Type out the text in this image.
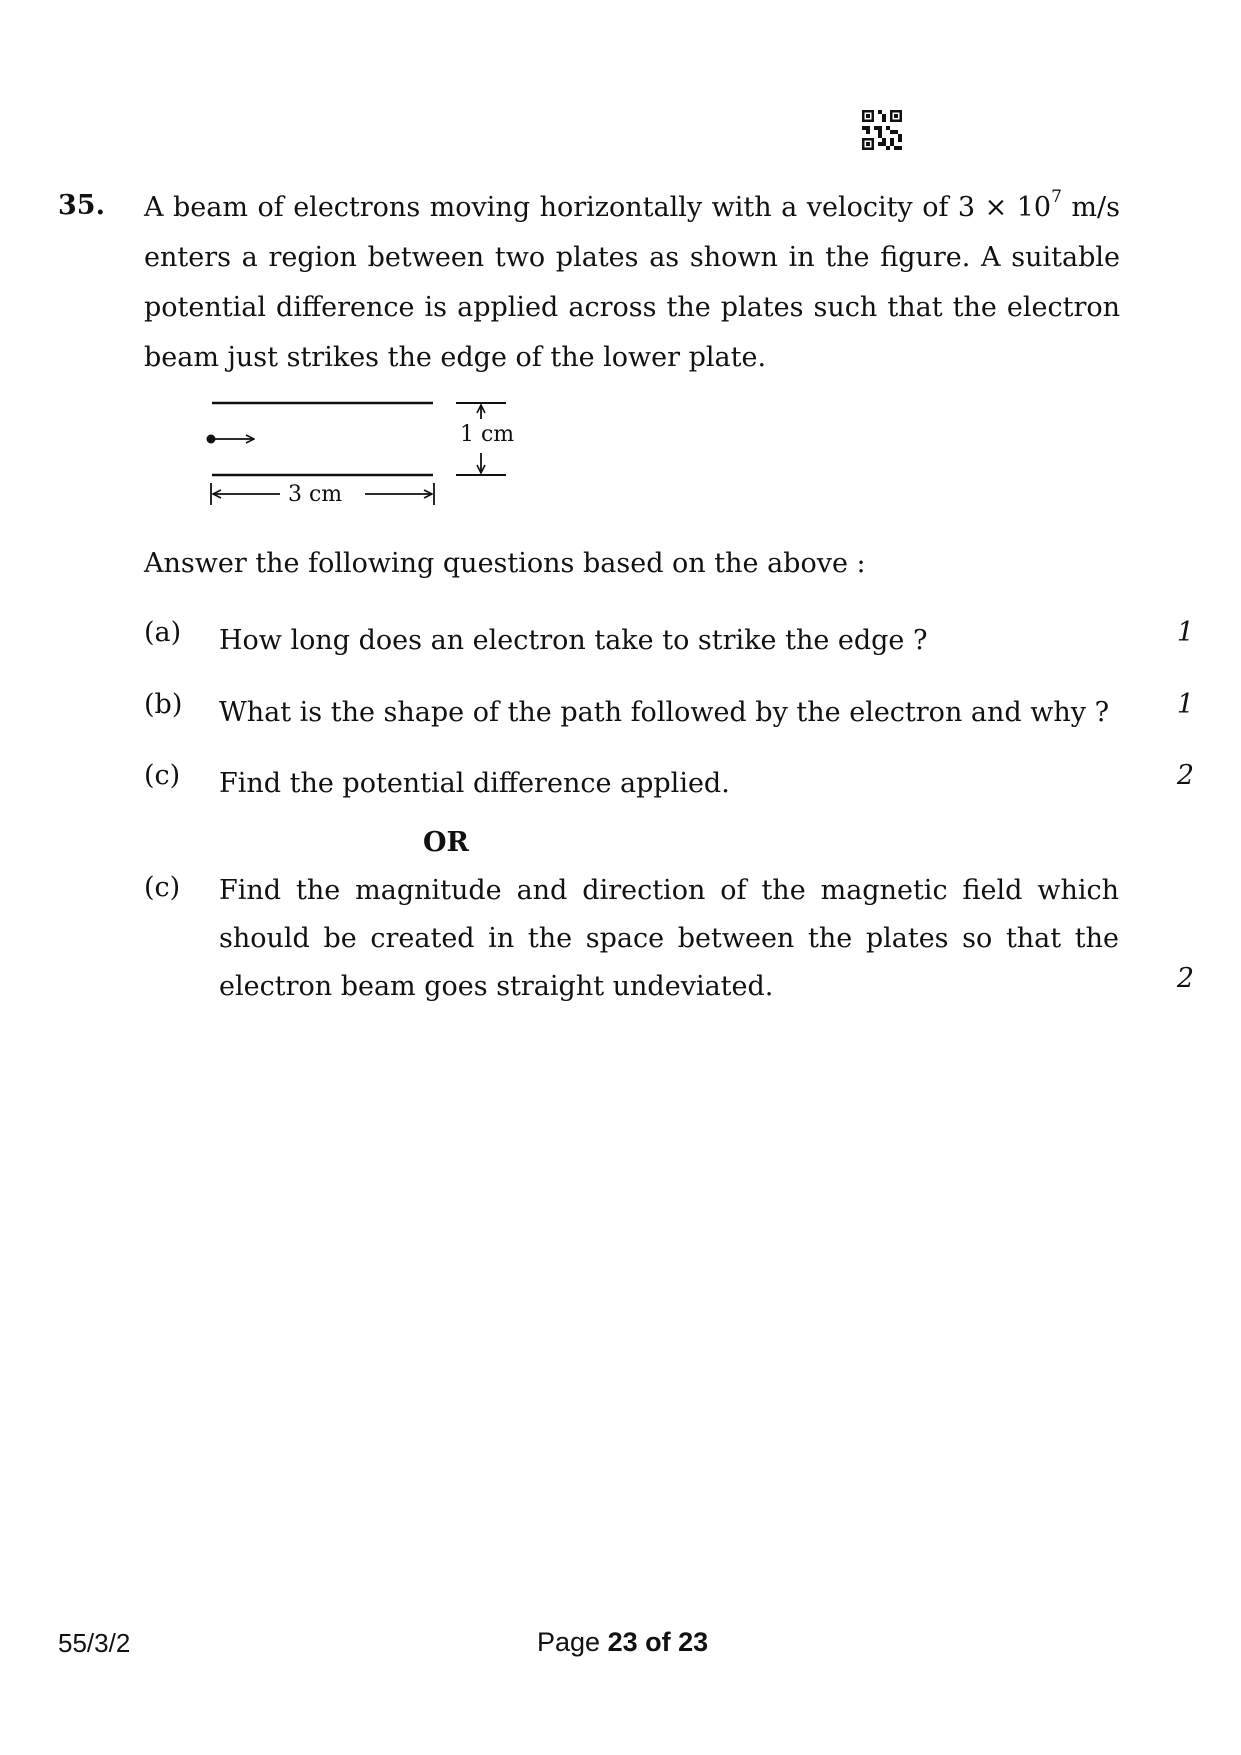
35. A beam of electrons moving horizontally with a velocity of $3 \times 10^7$ m/s
enters a region between two plates as shown in the figure. A suitable
potential difference is applied across the plates such that the electron
beam just strikes the edge of the lower plate.
1 cm
3 cm
Answer the following questions based on the above :
(a) How long does an electron take to strike the edge ?	1
(b) What is the shape of the path followed by the electron and why ?	1
(c) Find the potential difference applied.	2
OR
(c) Find the magnitude and direction of the magnetic field which
should be created in the space between the plates so that the
electron beam goes straight undeviated.	2
55/3/2	Page 23 of 23
